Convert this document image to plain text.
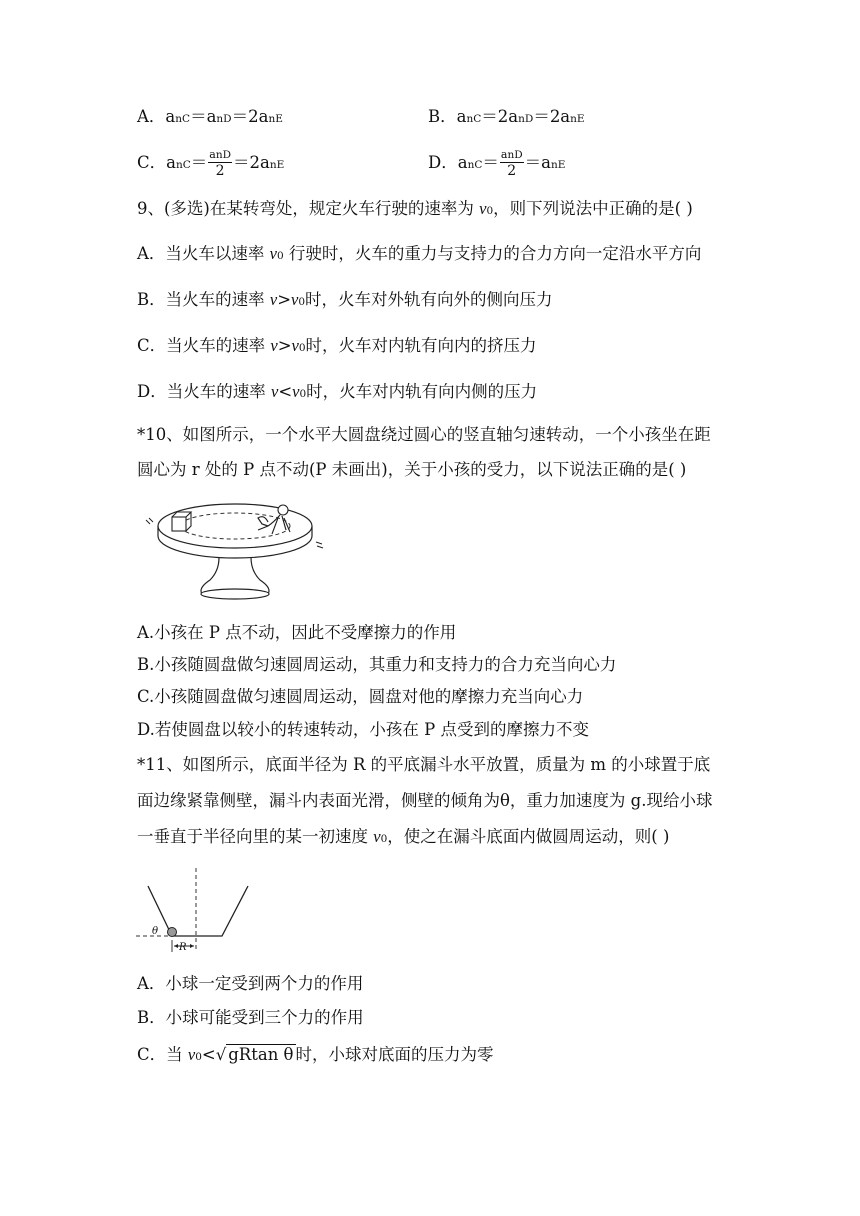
A．anC＝anD＝2anE	B．anC＝2anD＝2anE
C．$anC= \frac{\text{anD}}{2} =2anE$	D．$anC= \frac{\text{anD}}{2} =anE$
9、(多选)在某转弯处，规定火车行驶的速率为 v0，则下列说法中正确的是( )
A．当火车以速率 v0 行驶时，火车的重力与支持力的合力方向一定沿水平方向
B．当火车的速率 v>v0时，火车对外轨有向外的侧向压力
C．当火车的速率 v>v0时，火车对内轨有向内的挤压力
D．当火车的速率 v<v0时，火车对内轨有向内侧的压力
*10、如图所示，一个水平大圆盘绕过圆心的竖直轴匀速转动，一个小孩坐在距
圆心为 r 处的 P 点不动(P 未画出)，关于小孩的受力，以下说法正确的是( )
A.小孩在 P 点不动，因此不受摩擦力的作用
B.小孩随圆盘做匀速圆周运动，其重力和支持力的合力充当向心力
C.小孩随圆盘做匀速圆周运动，圆盘对他的摩擦力充当向心力
D.若使圆盘以较小的转速转动，小孩在 P 点受到的摩擦力不变
*11、如图所示，底面半径为 R 的平底漏斗水平放置，质量为 m 的小球置于底
面边缘紧靠侧壁，漏斗内表面光滑，侧壁的倾角为θ，重力加速度为 g.现给小球
一垂直于半径向里的某一初速度 v0，使之在漏斗底面内做圆周运动，则( )
θ
R
A．小球一定受到两个力的作用
B．小球可能受到三个力的作用
C．当 v0<√ gRtan θ 时，小球对底面的压力为零
